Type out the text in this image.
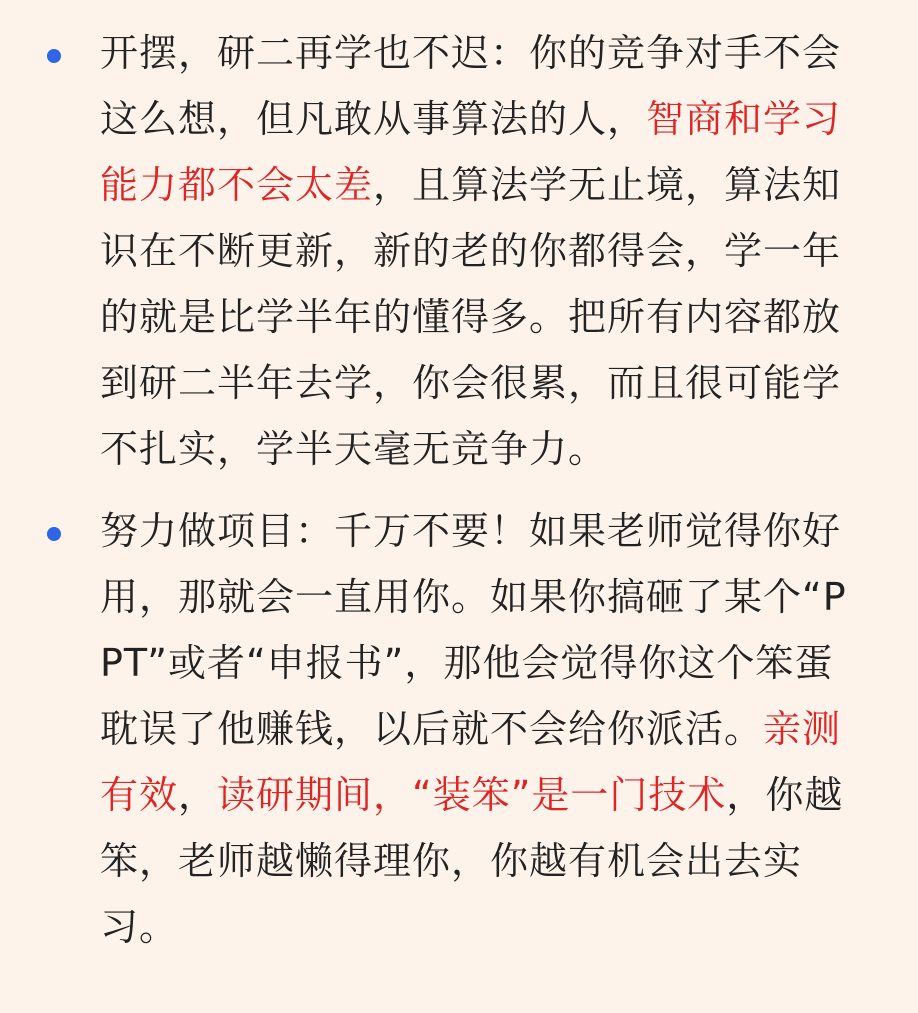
开摆，研二再学也不迟：你的竞争对手不会这么想，但凡敢从事算法的人，智商和学习能力都不会太差，且算法学无止境，算法知识在不断更新，新的老的你都得会，学一年的就是比学半年的懂得多。把所有内容都放到研二半年去学，你会很累，而且很可能学不扎实，学半天毫无竞争力。
努力做项目：千万不要！如果老师觉得你好用，那就会一直用你。如果你搞砸了某个“PPT”或者“申报书”，那他会觉得你这个笨蛋耽误了他赚钱，以后就不会给你派活。亲测有效，读研期间，“装笨”是一门技术，你越笨，老师越懒得理你，你越有机会出去实习。
